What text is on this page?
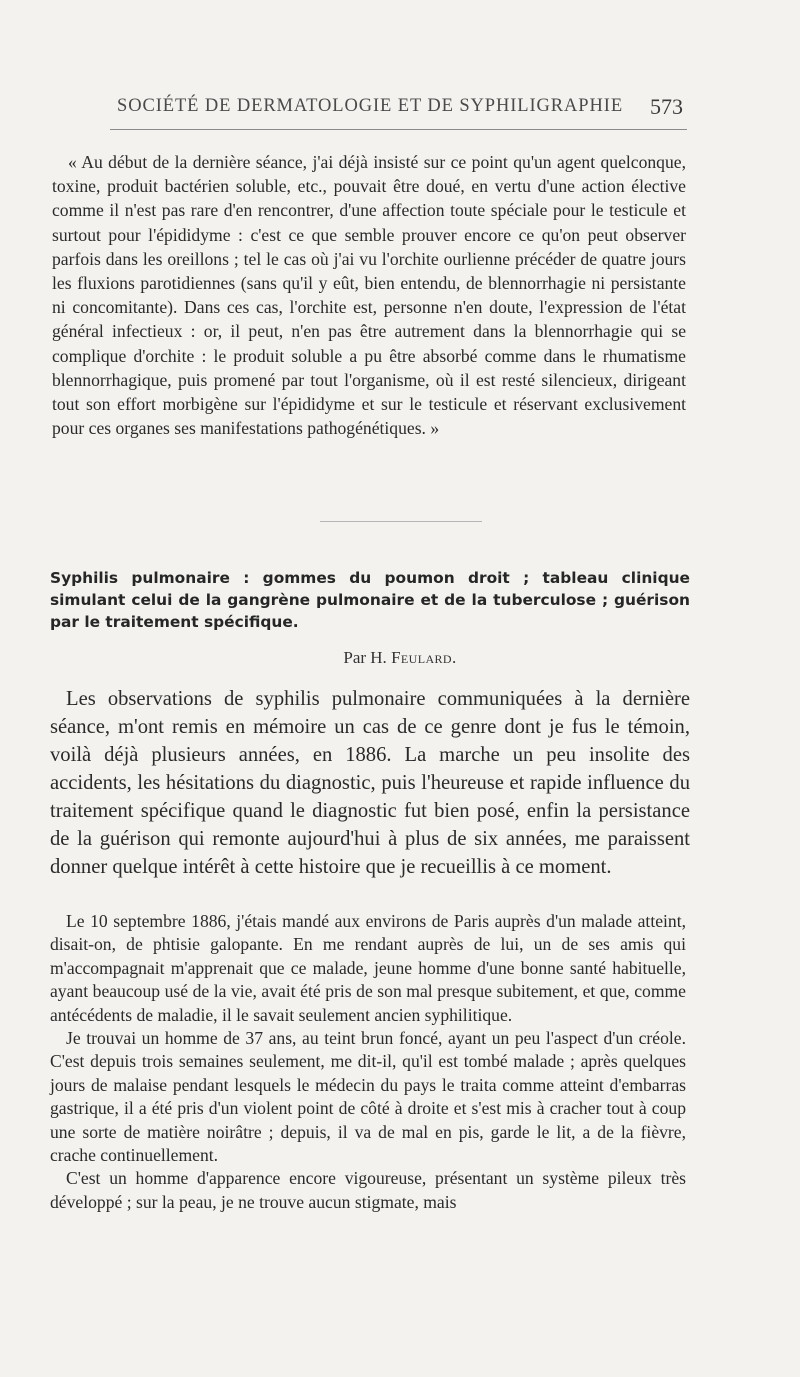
SOCIÉTÉ DE DERMATOLOGIE ET DE SYPHILIGRAPHIE 573

« Au début de la dernière séance, j'ai déjà insisté sur ce point qu'un agent quelconque, toxine, produit bactérien soluble, etc., pouvait être doué, en vertu d'une action élective comme il n'est pas rare d'en rencontrer, d'une affection toute spéciale pour le testicule et surtout pour l'épididyme : c'est ce que semble prouver encore ce qu'on peut observer parfois dans les oreillons ; tel le cas où j'ai vu l'orchite ourlienne précéder de quatre jours les fluxions parotidiennes (sans qu'il y eût, bien entendu, de blennorrhagie ni persistante ni concomitante). Dans ces cas, l'orchite est, personne n'en doute, l'expression de l'état général infectieux : or, il peut, n'en pas être autrement dans la blennorrhagie qui se complique d'orchite : le produit soluble a pu être absorbé comme dans le rhumatisme blennorrhagique, puis promené par tout l'organisme, où il est resté silencieux, dirigeant tout son effort morbigène sur l'épididyme et sur le testicule et réservant exclusivement pour ces organes ses manifestations pathogénétiques. »

Syphilis pulmonaire : gommes du poumon droit ; tableau clinique simulant celui de la gangrène pulmonaire et de la tuberculose ; guérison par le traitement spécifique.
Par H. Feulard.

Les observations de syphilis pulmonaire communiquées à la dernière séance, m'ont remis en mémoire un cas de ce genre dont je fus le témoin, voilà déjà plusieurs années, en 1886. La marche un peu insolite des accidents, les hésitations du diagnostic, puis l'heureuse et rapide influence du traitement spécifique quand le diagnostic fut bien posé, enfin la persistance de la guérison qui remonte aujourd'hui à plus de six années, me paraissent donner quelque intérêt à cette histoire que je recueillis à ce moment.

Le 10 septembre 1886, j'étais mandé aux environs de Paris auprès d'un malade atteint, disait-on, de phtisie galopante. En me rendant auprès de lui, un de ses amis qui m'accompagnait m'apprenait que ce malade, jeune homme d'une bonne santé habituelle, ayant beaucoup usé de la vie, avait été pris de son mal presque subitement, et que, comme antécédents de maladie, il le savait seulement ancien syphilitique.

Je trouvai un homme de 37 ans, au teint brun foncé, ayant un peu l'aspect d'un créole. C'est depuis trois semaines seulement, me dit-il, qu'il est tombé malade ; après quelques jours de malaise pendant lesquels le médecin du pays le traita comme atteint d'embarras gastrique, il a été pris d'un violent point de côté à droite et s'est mis à cracher tout à coup une sorte de matière noirâtre ; depuis, il va de mal en pis, garde le lit, a de la fièvre, crache continuellement.

C'est un homme d'apparence encore vigoureuse, présentant un système pileux très développé ; sur la peau, je ne trouve aucun stigmate, mais
